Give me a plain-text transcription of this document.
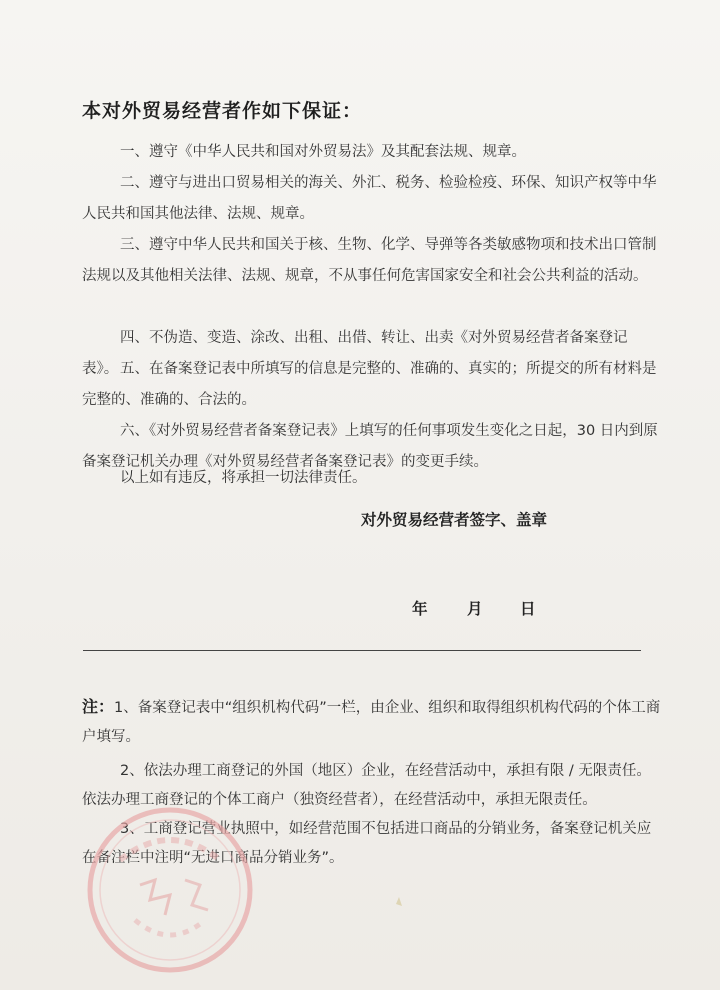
本对外贸易经营者作如下保证：

一、遵守《中华人民共和国对外贸易法》及其配套法规、规章。

二、遵守与进出口贸易相关的海关、外汇、税务、检验检疫、环保、知识产权等中华人民共和国其他法律、法规、规章。

三、遵守中华人民共和国关于核、生物、化学、导弹等各类敏感物项和技术出口管制法规以及其他相关法律、法规、规章，不从事任何危害国家安全和社会公共利益的活动。

四、不伪造、变造、涂改、出租、出借、转让、出卖《对外贸易经营者备案登记表》。 五、在备案登记表中所填写的信息是完整的、准确的、真实的；所提交的所有材料是完整的、准确的、合法的。

六、《对外贸易经营者备案登记表》上填写的任何事项发生变化之日起，30 日内到原备案登记机关办理《对外贸易经营者备案登记表》的变更手续。

以上如有违反，将承担一切法律责任。

对外贸易经营者签字、盖章
年	月 日

注：1、备案登记表中“组织机构代码”一栏，由企业、组织和取得组织机构代码的个体工商户填写。

2、依法办理工商登记的外国（地区）企业，在经营活动中，承担有限 / 无限责任。依法办理工商登记的个体工商户（独资经营者），在经营活动中，承担无限责任。

3、工商登记营业执照中，如经营范围不包括进口商品的分销业务，备案登记机关应在备注栏中注明“无进口商品分销业务”。
